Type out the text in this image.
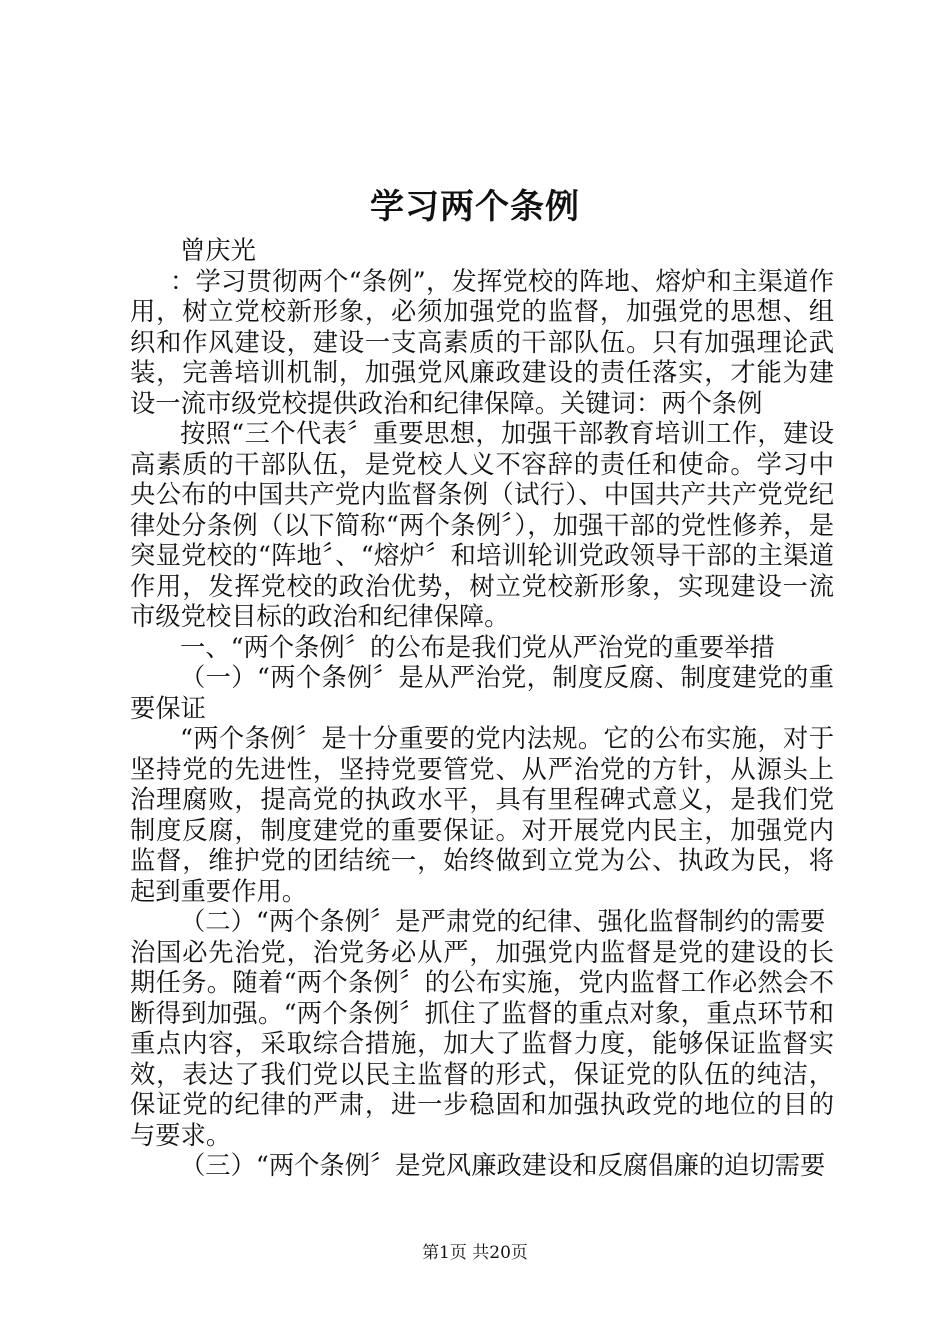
学习两个条例

曾庆光

：学习贯彻两个“条例”，发挥党校的阵地、熔炉和主渠道作用，树立党校新形象，必须加强党的监督，加强党的思想、组织和作风建设，建设一支高素质的干部队伍。只有加强理论武装，完善培训机制，加强党风廉政建设的责任落实，才能为建设一流市级党校提供政治和纪律保障。关键词：两个条例

按照“三个代表〞重要思想，加强干部教育培训工作，建设高素质的干部队伍，是党校人义不容辞的责任和使命。学习中央公布的中国共产党内监督条例（试行）、中国共产共产党党纪律处分条例（以下简称“两个条例〞），加强干部的党性修养，是突显党校的“阵地〞、“熔炉〞和培训轮训党政领导干部的主渠道作用，发挥党校的政治优势，树立党校新形象，实现建设一流市级党校目标的政治和纪律保障。

一、“两个条例〞的公布是我们党从严治党的重要举措

（一）“两个条例〞是从严治党，制度反腐、制度建党的重要保证

“两个条例〞是十分重要的党内法规。它的公布实施，对于坚持党的先进性，坚持党要管党、从严治党的方针，从源头上治理腐败，提高党的执政水平，具有里程碑式意义，是我们党制度反腐，制度建党的重要保证。对开展党内民主，加强党内监督，维护党的团结统一，始终做到立党为公、执政为民，将起到重要作用。

（二）“两个条例〞是严肃党的纪律、强化监督制约的需要

治国必先治党，治党务必从严，加强党内监督是党的建设的长期任务。随着“两个条例〞的公布实施，党内监督工作必然会不断得到加强。“两个条例〞抓住了监督的重点对象，重点环节和重点内容，采取综合措施，加大了监督力度，能够保证监督实效，表达了我们党以民主监督的形式，保证党的队伍的纯洁，保证党的纪律的严肃，进一步稳固和加强执政党的地位的目的与要求。

（三）“两个条例〞是党风廉政建设和反腐倡廉的迫切需要

第1页 共20页
